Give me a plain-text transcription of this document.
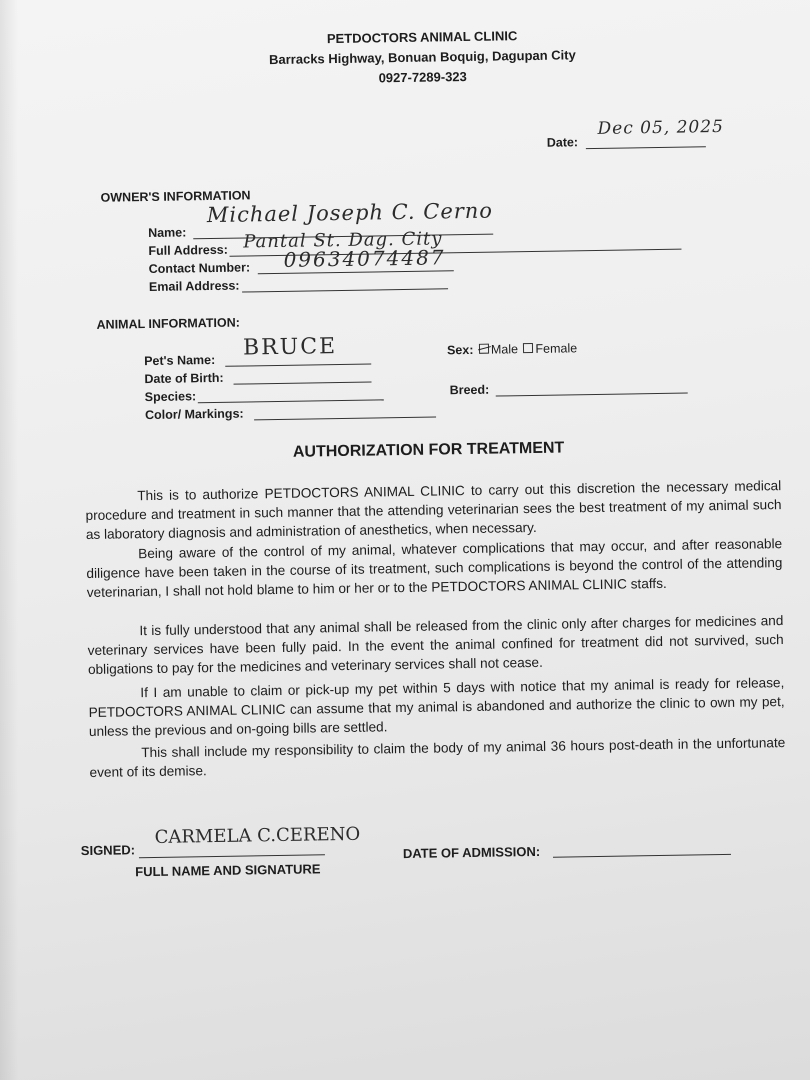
PETDOCTORS ANIMAL CLINIC
Barracks Highway, Bonuan Boquig, Dagupan City
0927-7289-323
Date:
Dec 05, 2025
OWNER'S INFORMATION
Name:
Michael Joseph C. Cerno
Full Address: Pantal St. Dag. City
Contact Number: 09634074487
Email Address:
ANIMAL INFORMATION:
Pet's Name: BRUCE
Date of Birth:
Species:
Color/ Markings:
Sex: Male Female
Breed:
AUTHORIZATION FOR TREATMENT

This is to authorize PETDOCTORS ANIMAL CLINIC to carry out this discretion the necessary medical procedure and treatment in such manner that the attending veterinarian sees the best treatment of my animal such as laboratory diagnosis and administration of anesthetics, when necessary.

Being aware of the control of my animal, whatever complications that may occur, and after reasonable diligence have been taken in the course of its treatment, such complications is beyond the control of the attending veterinarian, I shall not hold blame to him or her or to the PETDOCTORS ANIMAL CLINIC staffs.

It is fully understood that any animal shall be released from the clinic only after charges for medicines and veterinary services have been fully paid. In the event the animal confined for treatment did not survived, such obligations to pay for the medicines and veterinary services shall not cease.

If I am unable to claim or pick-up my pet within 5 days with notice that my animal is ready for release, PETDOCTORS ANIMAL CLINIC can assume that my animal is abandoned and authorize the clinic to own my pet, unless the previous and on-going bills are settled.

This shall include my responsibility to claim the body of my animal 36 hours post-death in the unfortunate event of its demise.

SIGNED:
CARMELA C.CERENO
FULL NAME AND SIGNATURE
DATE OF ADMISSION:
